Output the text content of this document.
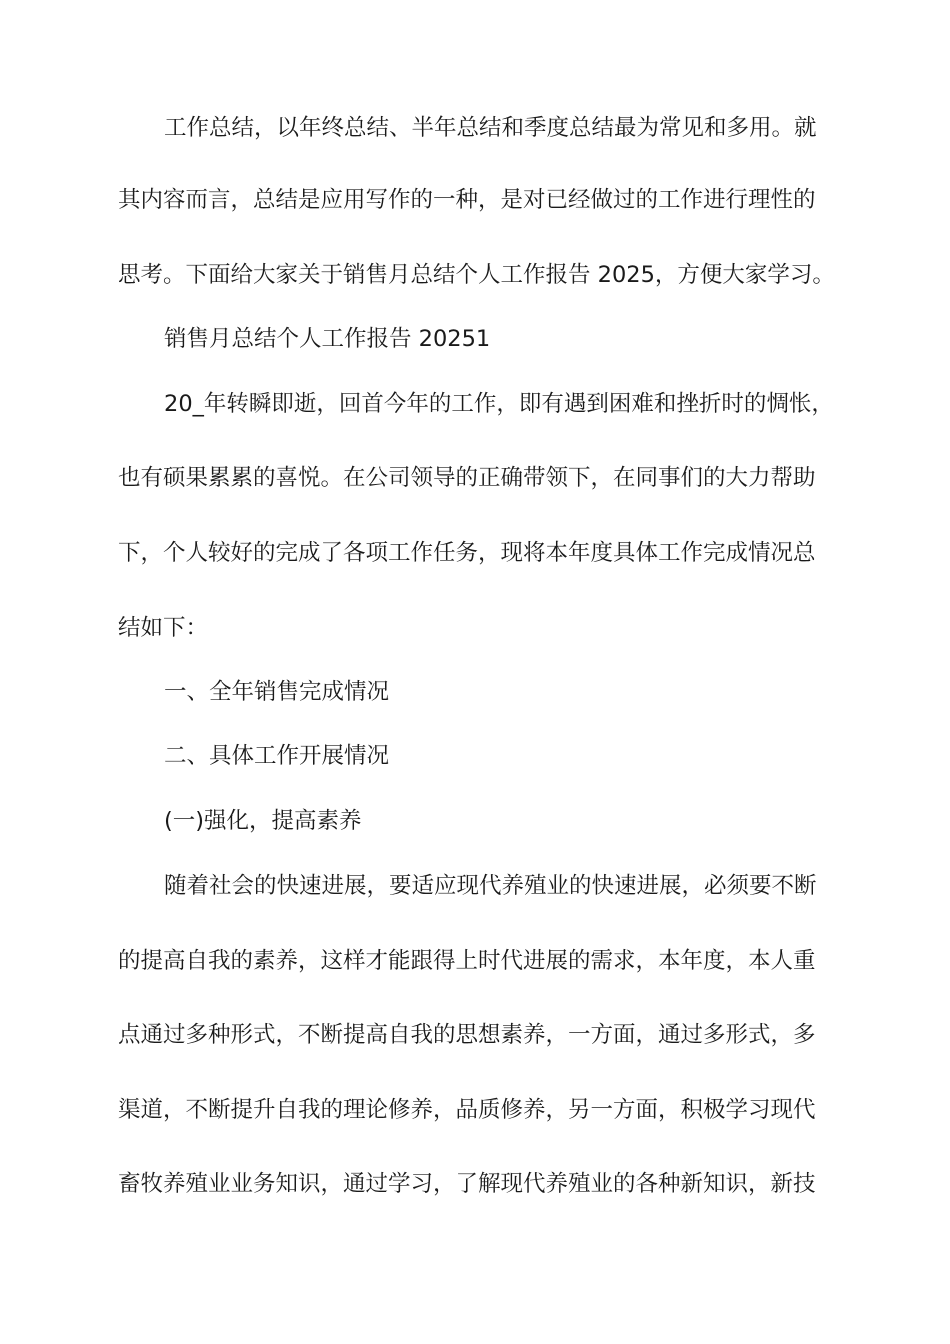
工作总结，以年终总结、半年总结和季度总结最为常见和多用。就
其内容而言，总结是应用写作的一种，是对已经做过的工作进行理性的
思考。下面给大家关于销售月总结个人工作报告 2025，方便大家学习。
销售月总结个人工作报告 20251
20_年转瞬即逝，回首今年的工作，即有遇到困难和挫折时的惆怅，
也有硕果累累的喜悦。在公司领导的正确带领下，在同事们的大力帮助
下，个人较好的完成了各项工作任务，现将本年度具体工作完成情况总
结如下：
一、全年销售完成情况
二、具体工作开展情况
(一)强化，提高素养
随着社会的快速进展，要适应现代养殖业的快速进展，必须要不断
的提高自我的素养，这样才能跟得上时代进展的需求，本年度，本人重
点通过多种形式，不断提高自我的思想素养，一方面，通过多形式，多
渠道，不断提升自我的理论修养，品质修养，另一方面，积极学习现代
畜牧养殖业业务知识，通过学习，了解现代养殖业的各种新知识，新技
